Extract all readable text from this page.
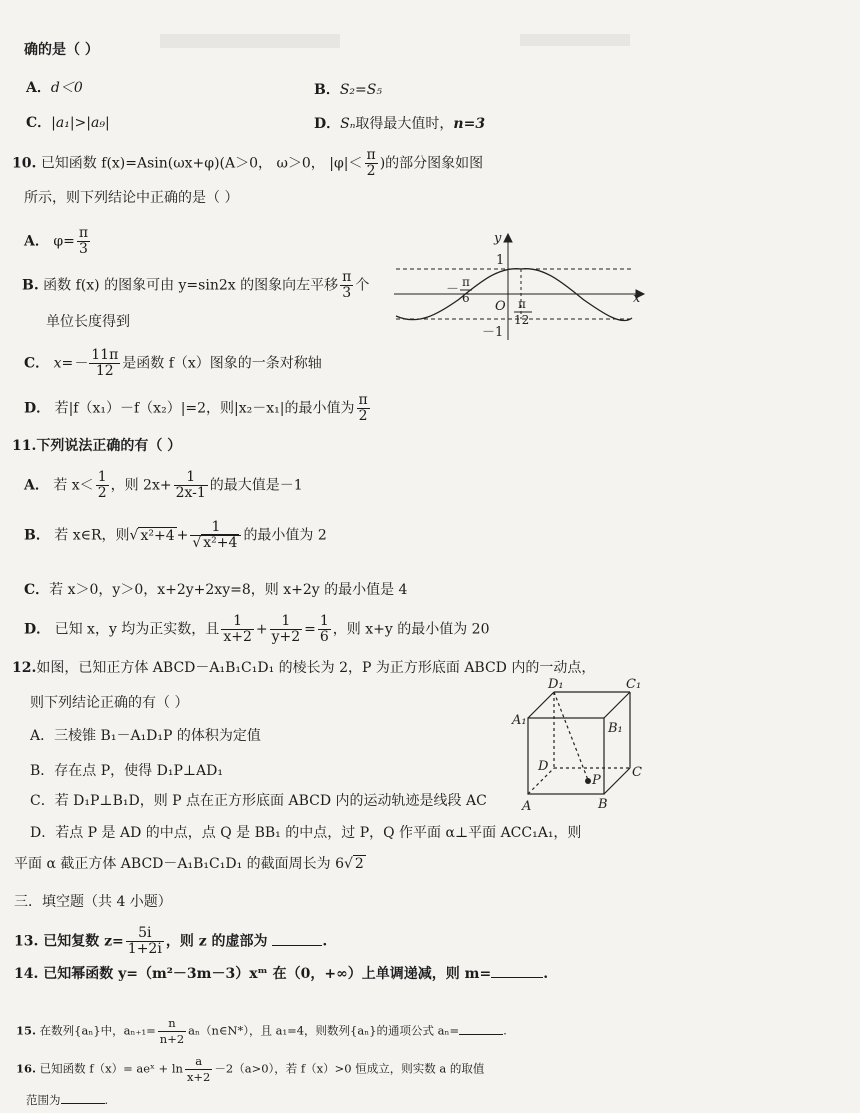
确的是（ ）
A．d＜0	B．S₂=S₅
C．|a₁|>|a₉|	D．Sₙ取得最大值时，n=3
10. 已知函数 f(x)=Asin(ωx+φ)(A＞0， ω＞0， $|\varphi|< \frac{\pi}{2}$ )的部分图象如图
所示，则下列结论中正确的是（ ）
A． $\varphi= \frac{\pi}{3}$
B. 函数 f(x) 的图象可由 y=sin2x 的图象向左平移 $\frac{\pi}{3}$ 个
单位长度得到
C． $x=- \frac{11\pi}{12}$ 是函数 f（x）图象的一条对称轴
D． 若|f（x₁）－f（x₂）|=2，则|x₂－x₁|的最小值为 $\frac{\pi}{2}$
y
x
1
－1
O
－ π
6	π
12
11.下列说法正确的有（ ）
A． 若 $x< \frac{1}{2}$ ，则 $2x+ \frac{1}{2x-1}$ 的最大值是－1
B． 若 x∈R，则√ $x^2+4 + \frac{1}{\text{√ x²+4}}$ 的最小值为 2
C．若 x＞0，y＞0，x+2y+2xy=8，则 x+2y 的最小值是 4
D． 已知 x，y 均为正实数，且 $\frac{1}{x+2} + \frac{1}{y+2} = \frac{1}{6}$ ，则 x+y 的最小值为 20
12.如图，已知正方体 ABCD－A₁B₁C₁D₁ 的棱长为 2，P 为正方形底面 ABCD 内的一动点，
则下列结论正确的有（ ）
A．三棱锥 B₁－A₁D₁P 的体积为定值
B．存在点 P，使得 D₁P⊥AD₁
C．若 D₁P⊥B₁D，则 P 点在正方形底面 ABCD 内的运动轨迹是线段 AC
D．若点 P 是 AD 的中点，点 Q 是 BB₁ 的中点，过 P，Q 作平面 α⊥平面 ACC₁A₁，则
平面 α 截正方体 ABCD－A₁B₁C₁D₁ 的截面周长为 6√ 2
D₁	C₁
A₁
B₁
D	C
P
A	B
三．填空题（共 4 小题）
13. 已知复数 $z= \frac{5i}{1+2i}$ ，则 z 的虚部为	.
14. 已知幂函数 y=（m²－3m－3）xᵐ 在（0，+∞）上单调递减，则 m=	.
15. 在数列{aₙ}中，$a_{n+1}= \frac{n}{n+2}$ aₙ（n∈N*），且 a₁=4，则数列{aₙ}的通项公式 aₙ=	.
16. 已知函数 f（x）= aeˣ + $\ln \frac{a}{x+2} -2(a>0)$，若 f（x）>0 恒成立，则实数 a 的取值
范围为	.
